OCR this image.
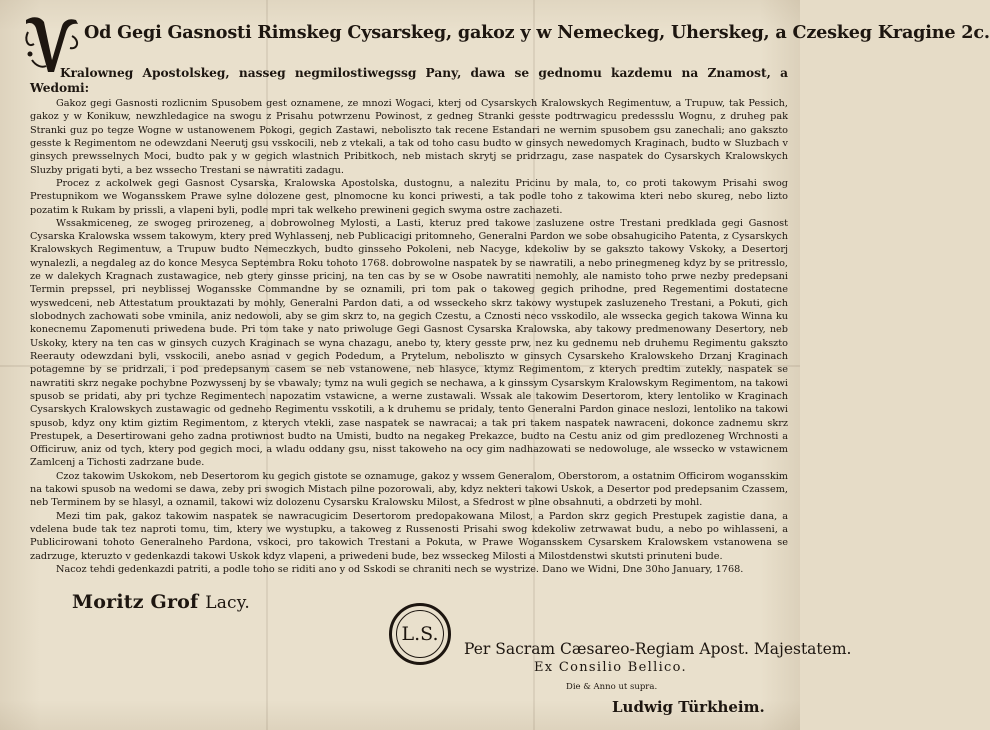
Od Gegi Gasnosti Rimskeg Cysarskeg, gakoz y w Nemeckeg, Uherskeg, a Czeskeg Kragine 2c.

Kralowneg Apostolskeg, nasseg negmilostiwegssg Pany, dawa se gednomu kazdemu na Znamost, a Wedomi:

Gakoz gegi Gasnosti rozlicnim Spusobem gest oznamene, ze mnozi Wogaci, kterj od Cysarskych Kralowskych Regimentuw, a Trupuw, tak Pessich, gakoz y w Konikuw, newzhledagice na swogu z Prisahu potwrzenu Powinost, z gedneg Stranki gesste podtrwagicu predessslu Wognu, z druheg pak Stranki guz po tegze Wogne w ustanowenem Pokogi, gegich Zastawi, neboliszto tak recene Estandari ne wernim spusobem gsu zanechali; ano gakszto gesste k Regimentom ne odewzdani Neerutj gsu vsskocili, neb z vtekali, a tak od toho casu budto w ginsych newedomych Kraginach, budto w Sluzbach v ginsych prewsselnych Moci, budto pak y w gegich wlastnich Pribitkoch, neb mistach skrytj se pridrzagu, zase naspatek do Cysarskych Kralowskych Sluzby prigati byti, a bez wssecho Trestani se nawratiti zadagu.

Procez z ackolwek gegi Gasnost Cysarska, Kralowska Apostolska, dustognu, a nalezitu Pricinu by mala, to, co proti takowym Prisahi swog Prestupnikom we Wogansskem Prawe sylne dolozene gest, plnomocne ku konci priwesti, a tak podle toho z takowima kteri nebo skureg, nebo lizto pozatim k Rukam by prissli, a vlapeni byli, podle mpri tak welkeho prewineni gegich swyma ostre zachazeti.

Wssakmiceneg, ze swogeg prirozeneg, a dobrowolneg Mylosti, a Lasti, kteruz pred takowe zasluzene ostre Trestani predklada gegi Gasnost Cysarska Kralowska wssem takowym, ktery pred Wyhlassenj, neb Publicacigi pritomneho, Generalni Pardon we sobe obsahugiciho Patenta, z Cysarskych Kralowskych Regimentuw, a Trupuw budto Nemeczkych, budto ginsseho Pokoleni, neb Nacyge, kdekoliw by se gakszto takowy Vskoky, a Desertorj wynalezli, a negdaleg az do konce Mesyca Septembra Roku tohoto 1768. dobrowolne naspatek by se nawratili, a nebo prinegmeneg kdyz by se pritresslo, ze w dalekych Kragnach zustawagice, neb gtery ginsse pricinj, na ten cas by se w Osobe nawratiti nemohly, ale namisto toho prwe nezby predepsani Termin prepssel, pri neyblissej Wogansske Commandne by se oznamili, pri tom pak o takoweg gegich prihodne, pred Regementimi dostatecne wyswedceni, neb Attestatum prouktazati by mohly, Generalni Pardon dati, a od wsseckeho skrz takowy wystupek zasluzeneho Trestani, a Pokuti, gich slobodnych zachowati sobe vminila, aniz nedowoli, aby se gim skrz to, na gegich Czestu, a Cznosti neco vsskodilo, ale wssecka gegich takowa Winna ku konecnemu Zapomenuti priwedena bude. Pri tom take y nato priwoluge Gegi Gasnost Cysarska Kralowska, aby takowy predmenowany Desertory, neb Uskoky, ktery na ten cas w ginsych cuzych Kraginach se wyna chazagu, anebo ty, ktery gesste prw, nez ku gednemu neb druhemu Regimentu gakszto Reerauty odewzdani byli, vsskocili, anebo asnad v gegich Podedum, a Prytelum, neboliszto w ginsych Cysarskeho Kralowskeho Drzanj Kraginach potagemne by se pridrzali, i pod predepsanym casem se neb vstanowene, neb hlasyce, ktymz Regimentom, z kterych predtim zutekly, naspatek se nawratiti skrz negake pochybne Pozwyssenj by se vbawaly; tymz na wuli gegich se nechawa, a k ginssym Cysarskym Kralowskym Regimentom, na takowi spusob se pridati, aby pri tychze Regimentech napozatim vstawicne, a werne zustawali. Wssak ale takowim Desertorom, ktery lentoliko w Kraginach Cysarskych Kralowskych zustawagic od gedneho Regimentu vsskotili, a k druhemu se pridaly, tento Generalni Pardon ginace neslozi, lentoliko na takowi spusob, kdyz ony ktim giztim Regimentom, z kterych vtekli, zase naspatek se nawracai; a tak pri takem naspatek nawraceni, dokonce zadnemu skrz Prestupek, a Desertirowani geho zadna protiwnost budto na Umisti, budto na negakeg Prekazce, budto na Cestu aniz od gim predlozeneg Wrchnosti a Officiruw, aniz od tych, ktery pod gegich moci, a wladu oddany gsu, nisst takoweho na ocy gim nadhazowati se nedowoluge, ale wssecko w vstawicnem Zamlcenj a Tichosti zadrzane bude.

Czoz takowim Uskokom, neb Desertorom ku gegich gistote se oznamuge, gakoz y wssem Generalom, Oberstorom, a ostatnim Officirom wogansskim na takowi spusob na wedomi se dawa, zeby pri swogich Mistach pilne pozorowali, aby, kdyz nekteri takowi Uskok, a Desertor pod predepsanim Czassem, neb Terminem by se hlasyl, a oznamil, takowi wiz dolozenu Cysarsku Kralowsku Milost, a Sfedrost w plne obsahnuti, a obdrzeti by mohl.

Mezi tim pak, gakoz takowim naspatek se nawracugicim Desertorom predopakowana Milost, a Pardon skrz gegich Prestupek zagistie dana, a vdelena bude tak tez naproti tomu, tim, ktery we wystupku, a takoweg z Russenosti Prisahi swog kdekoliw zetrwawat budu, a nebo po wihlasseni, a Publicirowani tohoto Generalneho Pardona, vskoci, pro takowich Trestani a Pokuta, w Prawe Wogansskem Cysarskem Kralowskem vstanowena se zadrzuge, kteruzto v gedenkazdi takowi Uskok kdyz vlapeni, a priwedeni bude, bez wsseckeg Milosti a Milostdenstwi skutsti prinuteni bude.

Nacoz tehdi gedenkazdi patriti, a podle toho se riditi ano y od Sskodi se chraniti nech se wystrize. Dano we Widni, Dne 30ho January, 1768.

Moritz Grof Lacy.
L.S.
Per Sacram Cæsareo-Regiam Apost. Majestatem.
Ex Consilio Bellico.
Die & Anno ut supra.
Ludwig Türkheim.
